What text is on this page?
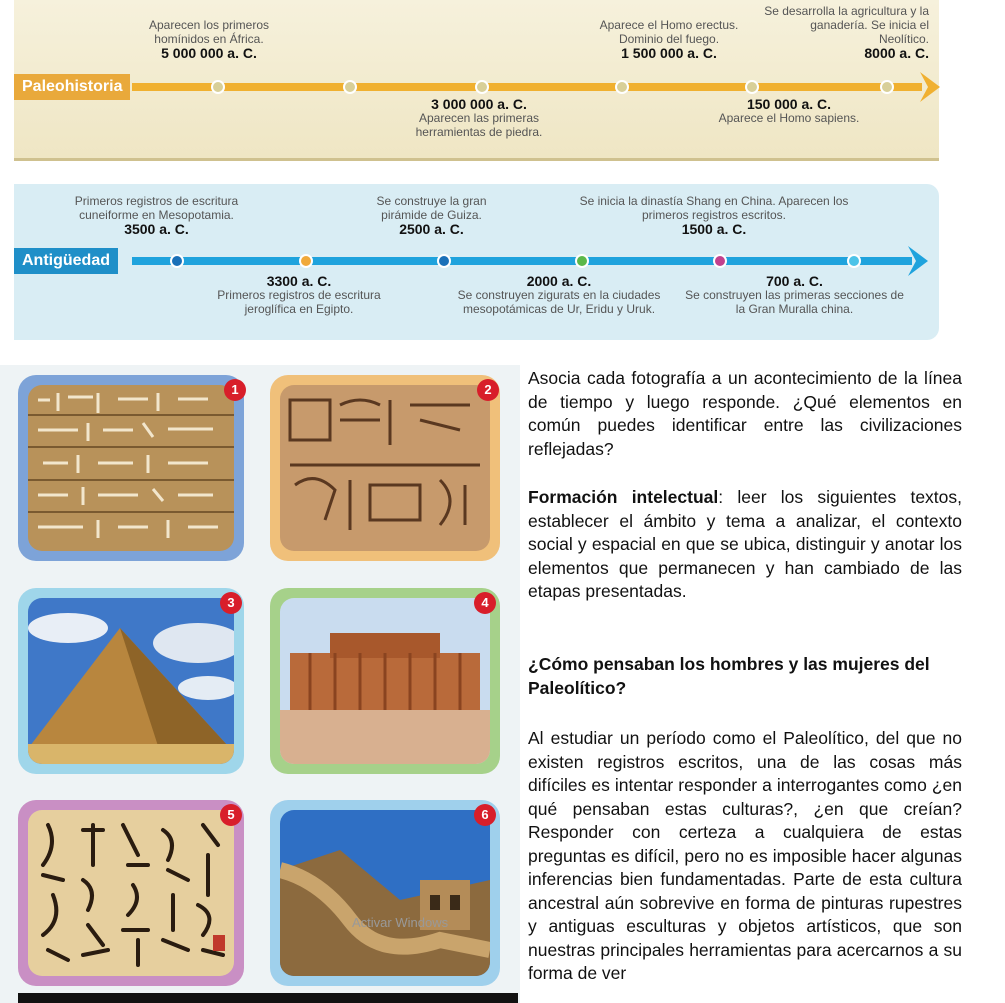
Aparecen los primeros homínidos en África.
5 000 000 a. C.
Aparece el Homo erectus. Dominio del fuego.
1 500 000 a. C.
Se desarrolla la agricultura y la ganadería. Se inicia el Neolítico.
8000 a. C.
Paleohistoria
3 000 000 a. C.
Aparecen las primeras herramientas de piedra.
150 000 a. C.
Aparece el Homo sapiens.
Primeros registros de escritura cuneiforme en Mesopotamia.
3500 a. C.
Se construye la gran pirámide de Guiza.
2500 a. C.
Se inicia la dinastía Shang en China. Aparecen los primeros registros escritos.
1500 a. C.
Antigüedad
3300 a. C.
Primeros registros de escritura jeroglífica en Egipto.
2000 a. C.
Se construyen zigurats en la ciudades mesopotámicas de Ur, Eridu y Uruk.
700 a. C.
Se construyen las primeras secciones de la Gran Muralla china.
1	2
3	4
5	6
Activar Windows
Asocia cada fotografía a un acontecimiento de la línea de tiempo y luego responde. ¿Qué elementos en común puedes identificar entre las civilizaciones reflejadas?
Formación intelectual: leer los siguientes textos, establecer el ámbito y tema a analizar, el contexto social y espacial en que se ubica, distinguir y anotar los elementos que permanecen y han cambiado de las etapas presentadas.
¿Cómo pensaban los hombres y las mujeres del Paleolítico?
Al estudiar un período como el Paleolítico, del que no existen registros escritos, una de las cosas más difíciles es intentar responder a interrogantes como ¿en qué pensaban estas culturas?, ¿en que creían? Responder con certeza a cualquiera de estas preguntas es difícil, pero no es imposible hacer algunas inferencias bien fundamentadas. Parte de esta cultura ancestral aún sobrevive en forma de pinturas rupestres y antiguas esculturas y objetos artísticos, que son nuestras principales herramientas para acercarnos a su forma de ver
